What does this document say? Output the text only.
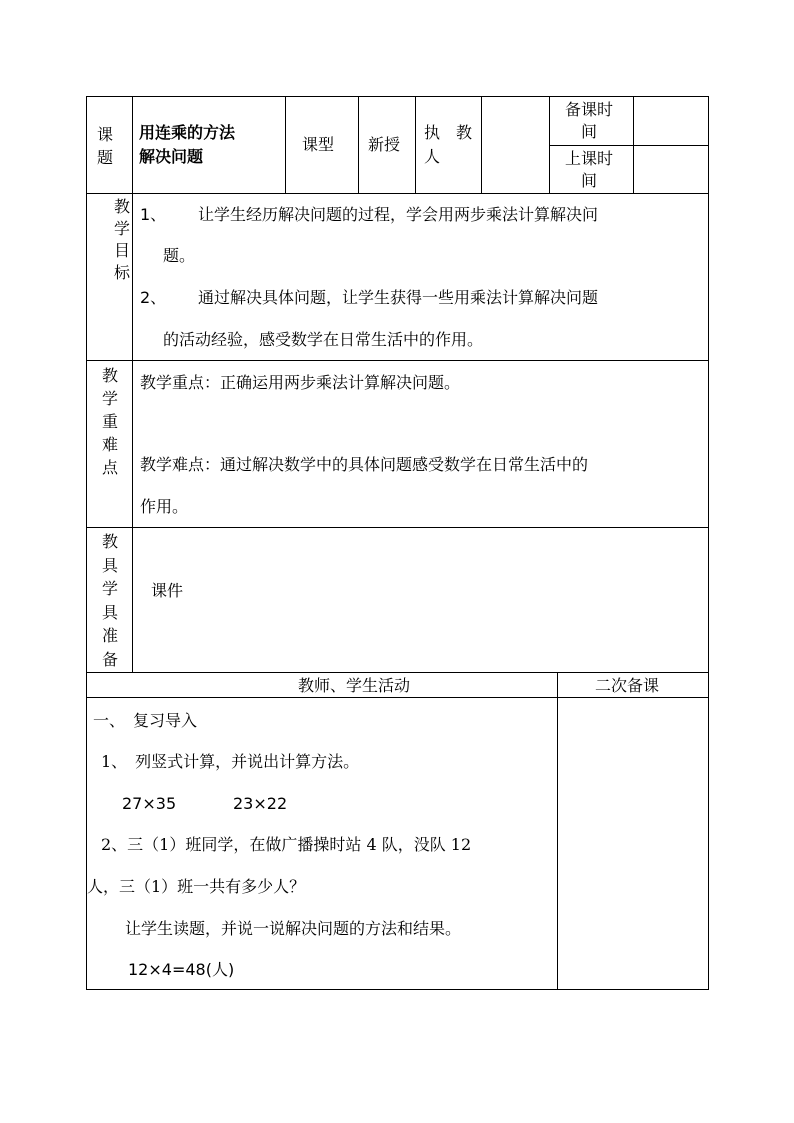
课
题
用连乘的方法
解决问题
课型 新授
执　教
人
备课时
间
上课时
间
教
学
目
标
1、 让学生经历解决问题的过程，学会用两步乘法计算解决问
题。
2、 通过解决具体问题，让学生获得一些用乘法计算解决问题
的活动经验，感受数学在日常生活中的作用。
教
学
重
难
点
教学重点：正确运用两步乘法计算解决问题。
教学难点：通过解决数学中的具体问题感受数学在日常生活中的
作用。
教
具
学
具
准
备
课件
教师、学生活动	二次备课
一、　复习导入
1、　列竖式计算，并说出计算方法。
27×35	23×22
2、三（1）班同学，在做广播操时站 4 队，没队 12
人，三（1）班一共有多少人？
让学生读题，并说一说解决问题的方法和结果。
12×4=48(人)
